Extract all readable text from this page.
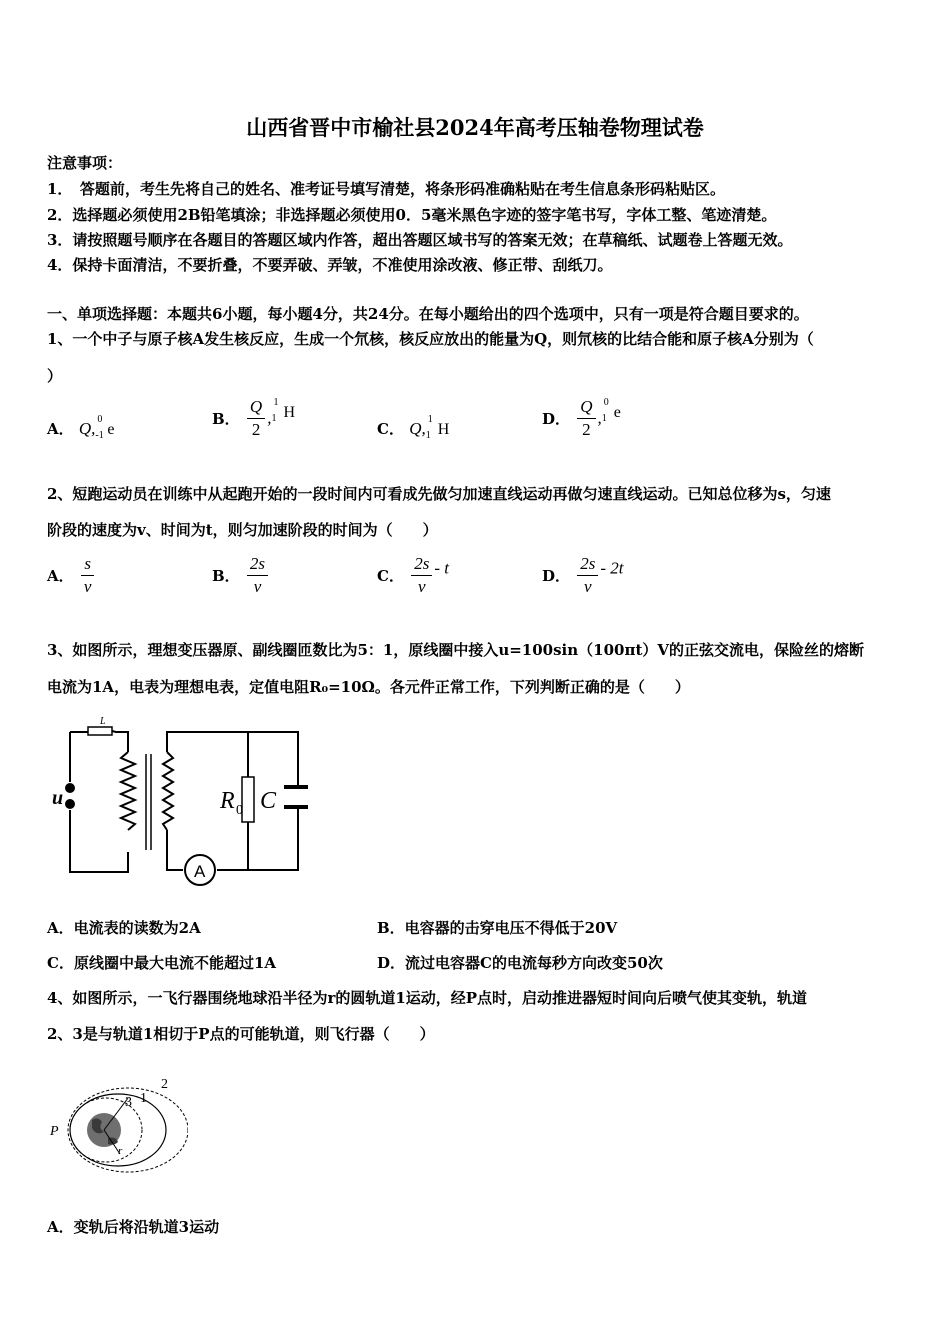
山西省晋中市榆社县2024年高考压轴卷物理试卷
注意事项：
1．　答题前，考生先将自己的姓名、准考证号填写清楚，将条形码准确粘贴在考生信息条形码粘贴区。
2．选择题必须使用2B铅笔填涂；非选择题必须使用0．5毫米黑色字迹的签字笔书写，字体工整、笔迹清楚。
3．请按照题号顺序在各题目的答题区域内作答，超出答题区域书写的答案无效；在草稿纸、试题卷上答题无效。
4．保持卡面清洁，不要折叠，不要弄破、弄皱，不准使用涂改液、修正带、刮纸刀。
一、单项选择题：本题共6小题，每小题4分，共24分。在每小题给出的四个选项中，只有一项是符合题目要求的。
1、一个中子与原子核A发生核反应，生成一个氘核，核反应放出的能量为Q，则氘核的比结合能和原子核A分别为（
）
A． Q, 0
-1 e
B． $\frac{Q}{2}$ ,
1
1 H
C． Q, 1
1 H
D． $\frac{Q}{2}$ ,
0
1 e
2、短跑运动员在训练中从起跑开始的一段时间内可看成先做匀加速直线运动再做匀速直线运动。已知总位移为s，匀速
阶段的速度为v、时间为t，则匀加速阶段的时间为（　　）
A． $\frac{s}{v}$	B． $\frac{2s}{v}$	C． $\frac{2s}{v}$ - t	D． $\frac{2s}{v} - 2t$
3、如图所示，理想变压器原、副线圈匝数比为5：1，原线圈中接入u=100sin（100πt）V的正弦交流电，保险丝的熔断
电流为1A，电表为理想电表，定值电阻R₀=10Ω。各元件正常工作，下列判断正确的是（　　）
L
u
A
R 0 C
A．电流表的读数为2A	B．电容器的击穿电压不得低于20V
C．原线圈中最大电流不能超过1A	D．流过电容器C的电流每秒方向改变50次
4、如图所示，一飞行器围绕地球沿半径为r的圆轨道1运动，经P点时，启动推进器短时间向后喷气使其变轨，轨道
2、3是与轨道1相切于P点的可能轨道，则飞行器（　　）
2
3 1
P
r
A．变轨后将沿轨道3运动
